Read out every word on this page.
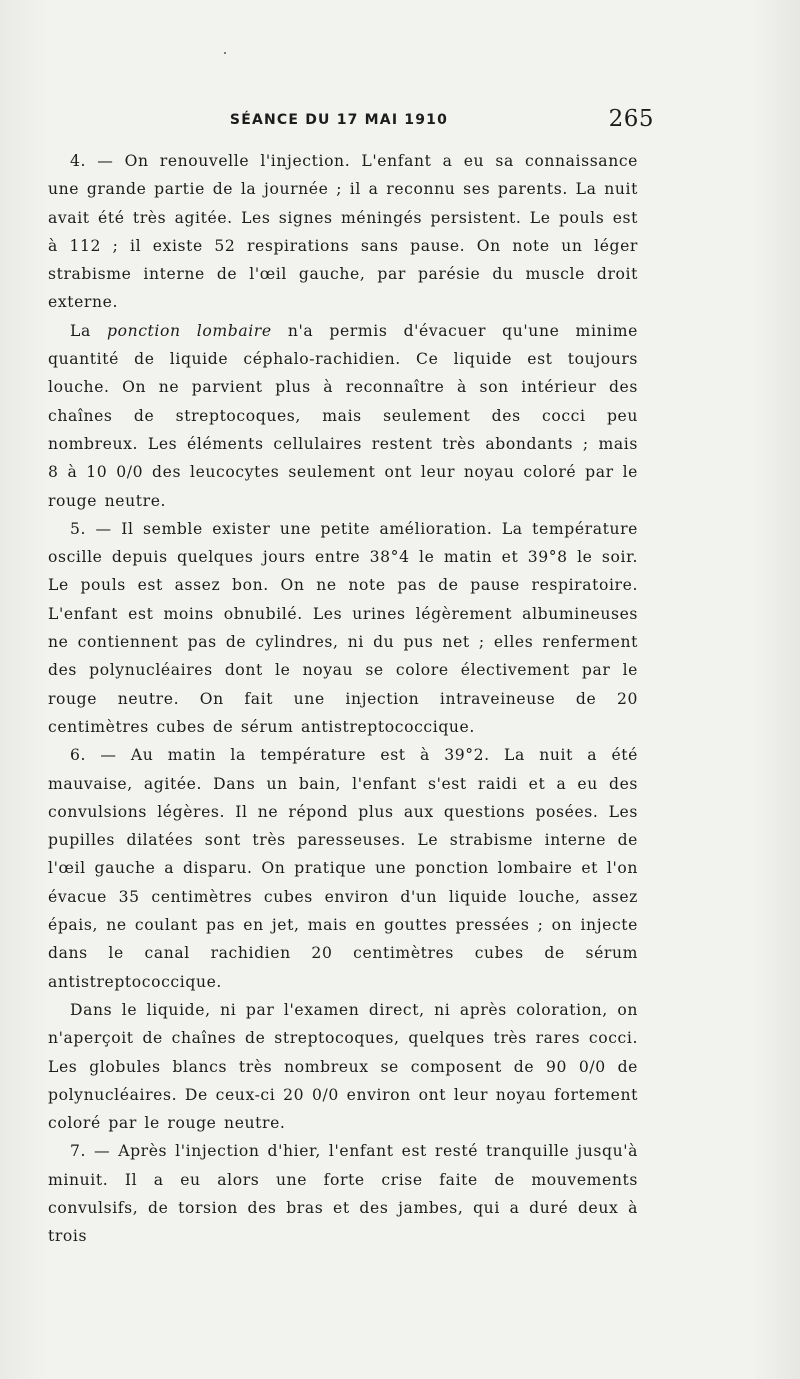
SÉANCE DU 17 MAI 1910	265

4. — On renouvelle l'injection. L'enfant a eu sa connaissance une grande partie de la journée ; il a reconnu ses parents. La nuit avait été très agitée. Les signes méningés persistent. Le pouls est à 112 ; il existe 52 respirations sans pause. On note un léger strabisme interne de l'œil gauche, par parésie du muscle droit externe.

La ponction lombaire n'a permis d'évacuer qu'une minime quantité de liquide céphalo-rachidien. Ce liquide est toujours louche. On ne parvient plus à reconnaître à son intérieur des chaînes de streptocoques, mais seulement des cocci peu nombreux. Les éléments cellulaires restent très abondants ; mais 8 à 10 0/0 des leucocytes seulement ont leur noyau coloré par le rouge neutre.

5. — Il semble exister une petite amélioration. La température oscille depuis quelques jours entre 38°4 le matin et 39°8 le soir. Le pouls est assez bon. On ne note pas de pause respiratoire. L'enfant est moins obnubilé. Les urines légèrement albumineuses ne contiennent pas de cylindres, ni du pus net ; elles renferment des polynucléaires dont le noyau se colore électivement par le rouge neutre. On fait une injection intraveineuse de 20 centimètres cubes de sérum antistreptococcique.

6. — Au matin la température est à 39°2. La nuit a été mauvaise, agitée. Dans un bain, l'enfant s'est raidi et a eu des convulsions légères. Il ne répond plus aux questions posées. Les pupilles dilatées sont très paresseuses. Le strabisme interne de l'œil gauche a disparu. On pratique une ponction lombaire et l'on évacue 35 centimètres cubes environ d'un liquide louche, assez épais, ne coulant pas en jet, mais en gouttes pressées ; on injecte dans le canal rachidien 20 centimètres cubes de sérum antistreptococcique.

Dans le liquide, ni par l'examen direct, ni après coloration, on n'aperçoit de chaînes de streptocoques, quelques très rares cocci. Les globules blancs très nombreux se composent de 90 0/0 de polynucléaires. De ceux-ci 20 0/0 environ ont leur noyau fortement coloré par le rouge neutre.

7. — Après l'injection d'hier, l'enfant est resté tranquille jusqu'à minuit. Il a eu alors une forte crise faite de mouvements convulsifs, de torsion des bras et des jambes, qui a duré deux à trois
